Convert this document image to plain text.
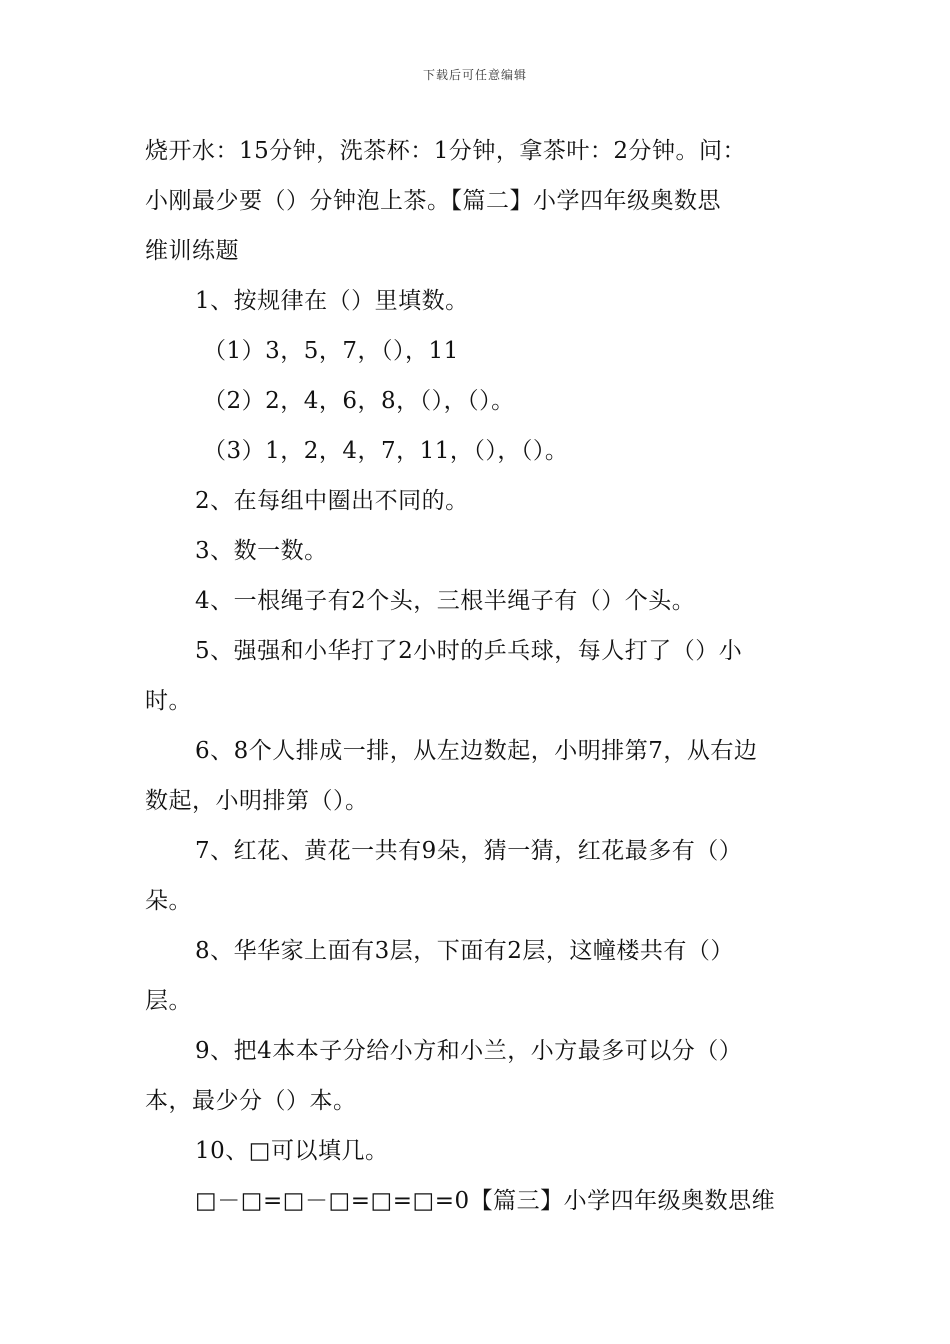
下载后可任意编辑
烧开水：15分钟，洗茶杯：1分钟，拿茶叶：2分钟。问：
小刚最少要（）分钟泡上茶。【篇二】小学四年级奥数思
维训练题
1、按规律在（）里填数。
（1）3，5，7，（），11
（2）2，4，6，8，（），（）。
（3）1，2，4，7，11，（），（）。
2、在每组中圈出不同的。
3、数一数。
4、一根绳子有2个头，三根半绳子有（）个头。
5、强强和小华打了2小时的乒乓球，每人打了（）小
时。
6、8个人排成一排，从左边数起，小明排第7，从右边
数起，小明排第（）。
7、红花、黄花一共有9朵，猜一猜，红花最多有（）
朵。
8、华华家上面有3层，下面有2层，这幢楼共有（）
层。
9、把4本本子分给小方和小兰，小方最多可以分（）
本，最少分（）本。
10、□可以填几。
□－□=□－□=□=□=0【篇三】小学四年级奥数思维
